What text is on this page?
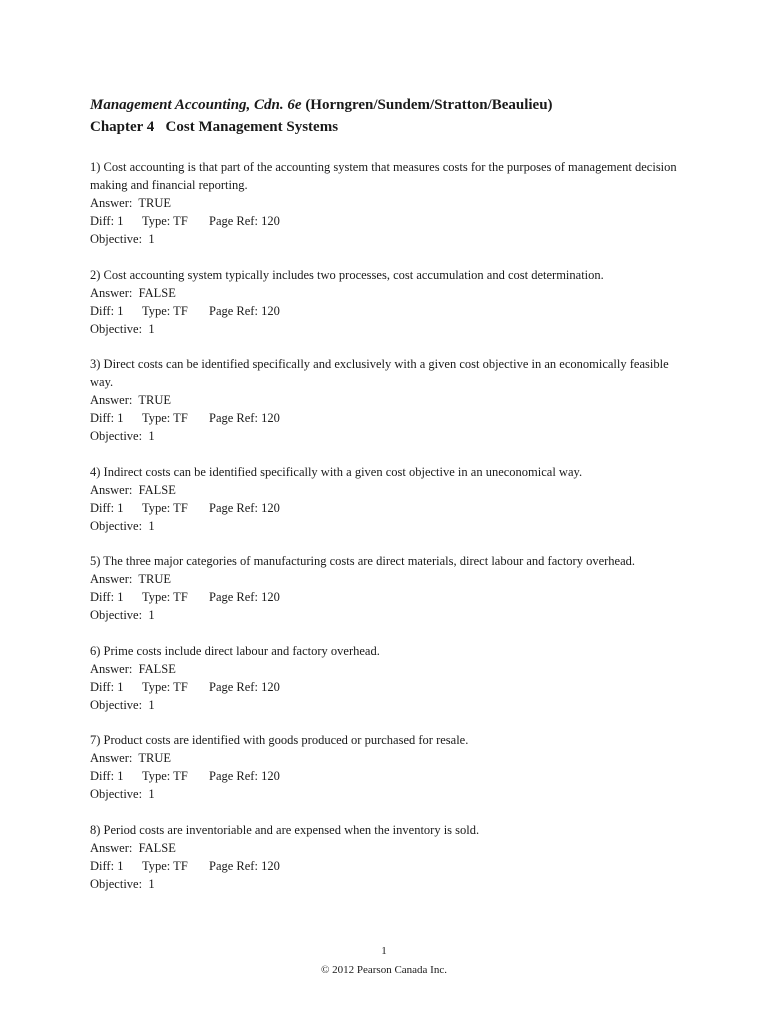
Management Accounting, Cdn. 6e (Horngren/Sundem/Stratton/Beaulieu)
Chapter 4   Cost Management Systems
1) Cost accounting is that part of the accounting system that measures costs for the purposes of management decision making and financial reporting.
Answer:  TRUE
Diff: 1 Type: TF Page Ref: 120
Objective:  1
2) Cost accounting system typically includes two processes, cost accumulation and cost determination.
Answer:  FALSE
Diff: 1 Type: TF Page Ref: 120
Objective:  1
3) Direct costs can be identified specifically and exclusively with a given cost objective in an economically feasible way.
Answer:  TRUE
Diff: 1 Type: TF Page Ref: 120
Objective:  1
4) Indirect costs can be identified specifically with a given cost objective in an uneconomical way.
Answer:  FALSE
Diff: 1 Type: TF Page Ref: 120
Objective:  1
5) The three major categories of manufacturing costs are direct materials, direct labour and factory overhead.
Answer:  TRUE
Diff: 1 Type: TF Page Ref: 120
Objective:  1
6) Prime costs include direct labour and factory overhead.
Answer:  FALSE
Diff: 1 Type: TF Page Ref: 120
Objective:  1
7) Product costs are identified with goods produced or purchased for resale.
Answer:  TRUE
Diff: 1 Type: TF Page Ref: 120
Objective:  1
8) Period costs are inventoriable and are expensed when the inventory is sold.
Answer:  FALSE
Diff: 1 Type: TF Page Ref: 120
Objective:  1
1
© 2012 Pearson Canada Inc.
